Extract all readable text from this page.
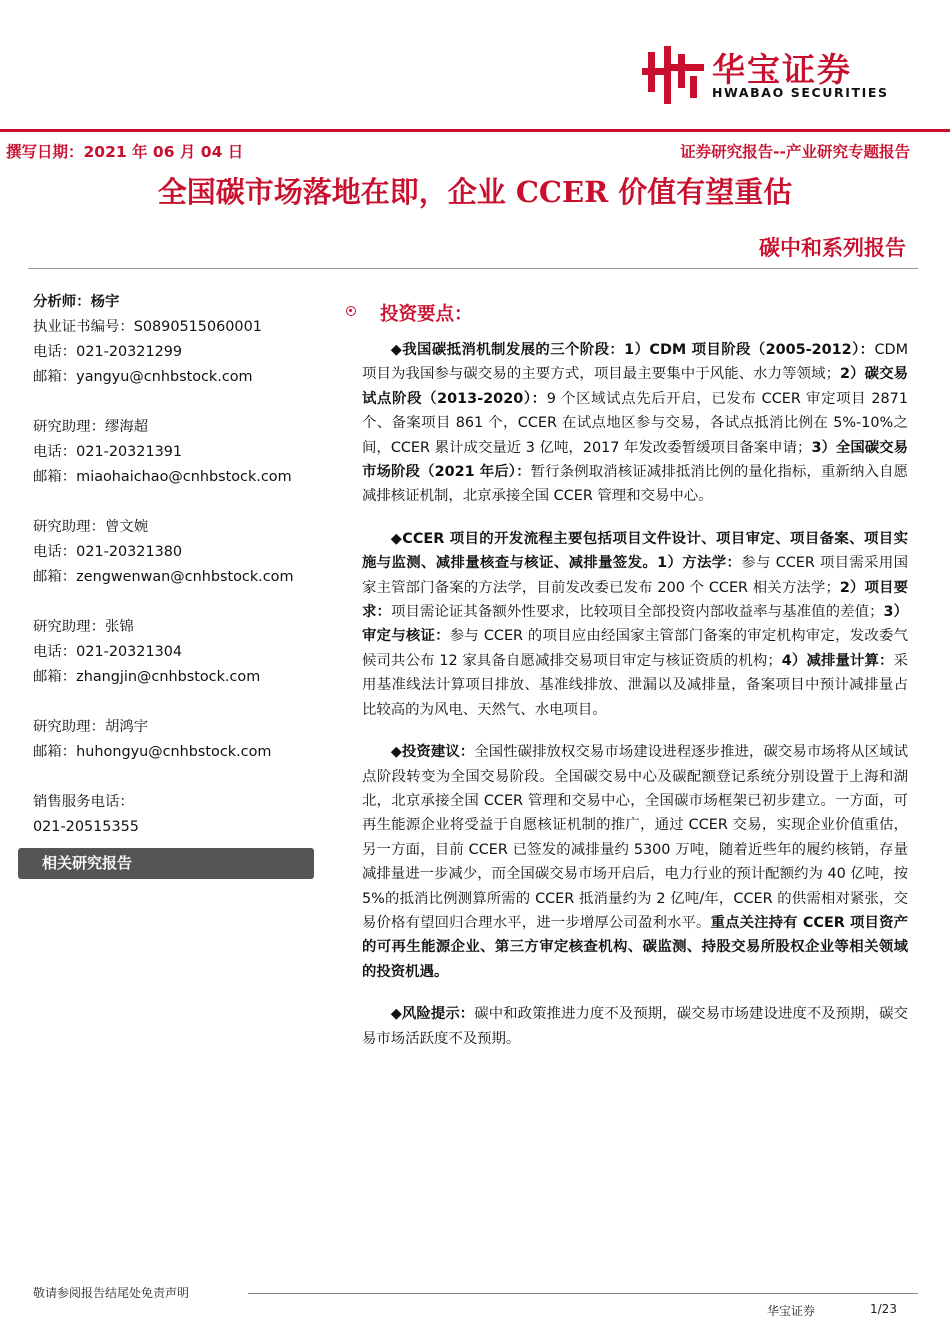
华宝证券
HWABAO SECURITIES
撰写日期：2021 年 06 月 04 日	证券研究报告--产业研究专题报告
全国碳市场落地在即，企业 CCER 价值有望重估
碳中和系列报告
分析师：杨宇
执业证书编号：S0890515060001
电话：021-20321299
邮箱：yangyu@cnhbstock.com
研究助理：缪海超
电话：021-20321391
邮箱：miaohaichao@cnhbstock.com
研究助理：曾文婉
电话：021-20321380
邮箱：zengwenwan@cnhbstock.com
研究助理：张锦
电话：021-20321304
邮箱：zhangjin@cnhbstock.com
研究助理：胡鸿宇
邮箱：huhongyu@cnhbstock.com
销售服务电话：
021-20515355
相关研究报告
投资要点：

◆我国碳抵消机制发展的三个阶段：1）CDM 项目阶段（2005-2012）：CDM 项目为我国参与碳交易的主要方式，项目最主要集中于风能、水力等领域；2）碳交易试点阶段（2013-2020）：9 个区域试点先后开启，已发布 CCER 审定项目 2871 个、备案项目 861 个，CCER 在试点地区参与交易，各试点抵消比例在 5%-10%之间，CCER 累计成交量近 3 亿吨，2017 年发改委暂缓项目备案申请；3）全国碳交易市场阶段（2021 年后）：暂行条例取消核证减排抵消比例的量化指标，重新纳入自愿减排核证机制，北京承接全国 CCER 管理和交易中心。

◆CCER 项目的开发流程主要包括项目文件设计、项目审定、项目备案、项目实施与监测、减排量核查与核证、减排量签发。1）方法学：参与 CCER 项目需采用国家主管部门备案的方法学，目前发改委已发布 200 个 CCER 相关方法学；2）项目要求：项目需论证其备额外性要求，比较项目全部投资内部收益率与基准值的差值；3）审定与核证：参与 CCER 的项目应由经国家主管部门备案的审定机构审定，发改委气候司共公布 12 家具备自愿减排交易项目审定与核证资质的机构；4）减排量计算：采用基准线法计算项目排放、基准线排放、泄漏以及减排量，备案项目中预计减排量占比较高的为风电、天然气、水电项目。

◆投资建议：全国性碳排放权交易市场建设进程逐步推进，碳交易市场将从区域试点阶段转变为全国交易阶段。全国碳交易中心及碳配额登记系统分别设置于上海和湖北，北京承接全国 CCER 管理和交易中心，全国碳市场框架已初步建立。一方面，可再生能源企业将受益于自愿核证机制的推广，通过 CCER 交易，实现企业价值重估，另一方面，目前 CCER 已签发的减排量约 5300 万吨，随着近些年的履约核销，存量减排量进一步减少，而全国碳交易市场开启后，电力行业的预计配额约为 40 亿吨，按 5%的抵消比例测算所需的 CCER 抵消量约为 2 亿吨/年，CCER 的供需相对紧张，交易价格有望回归合理水平，进一步增厚公司盈利水平。重点关注持有 CCER 项目资产的可再生能源企业、第三方审定核查机构、碳监测、持股交易所股权企业等相关领域的投资机遇。

◆风险提示：碳中和政策推进力度不及预期，碳交易市场建设进度不及预期，碳交易市场活跃度不及预期。

敬请参阅报告结尾处免责声明
华宝证券	1/23
